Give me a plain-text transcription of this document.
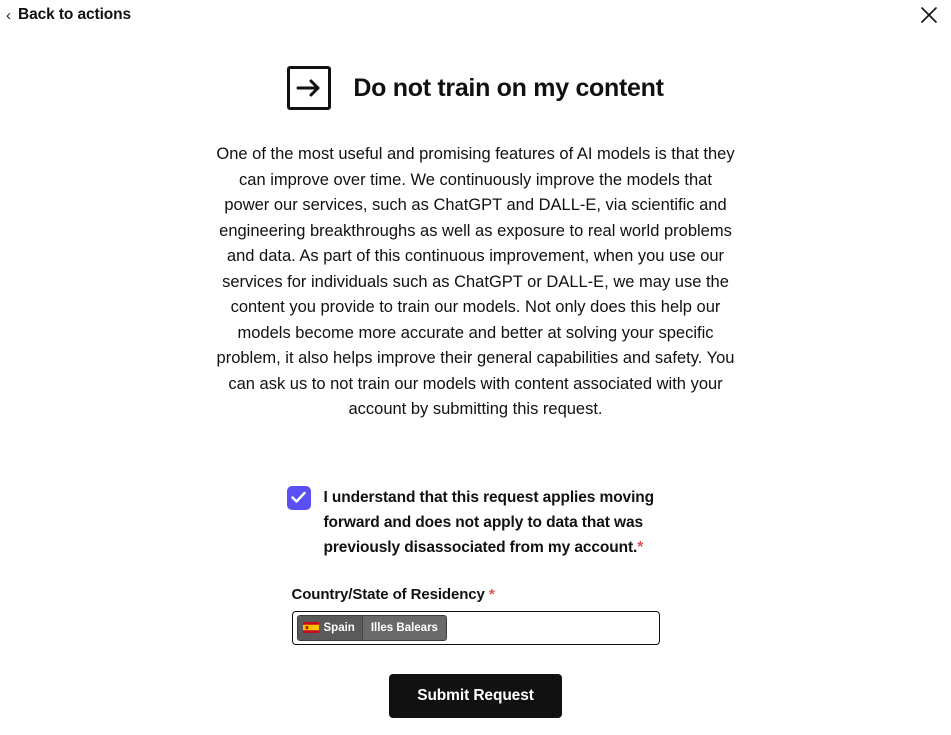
‹ Back to actions
Do not train on my content
One of the most useful and promising features of AI models is that they can improve over time. We continuously improve the models that power our services, such as ChatGPT and DALL-E, via scientific and engineering breakthroughs as well as exposure to real world problems and data. As part of this continuous improvement, when you use our services for individuals such as ChatGPT or DALL-E, we may use the content you provide to train our models. Not only does this help our models become more accurate and better at solving your specific problem, it also helps improve their general capabilities and safety. You can ask us to not train our models with content associated with your account by submitting this request.
I understand that this request applies moving forward and does not apply to data that was previously disassociated from my account.*
Country/State of Residency *
Spain	Illes Balears
Submit Request
